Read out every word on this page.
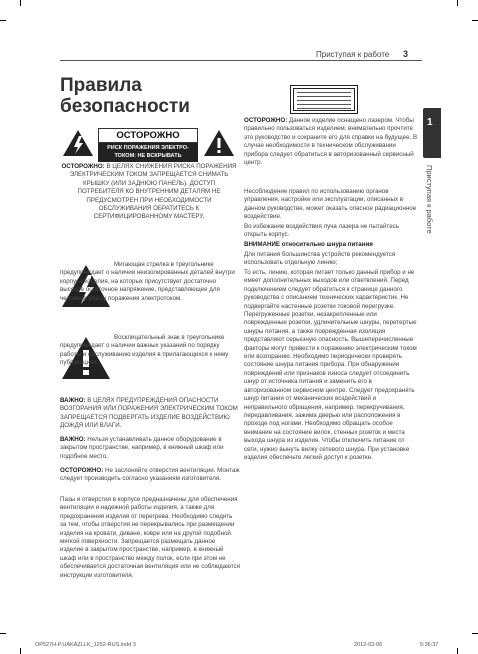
Приступая к работе 3
1
Приступая к работе
Правила безопасности
ОСТОРОЖНО
РИСК ПОРАЖЕНИЯ ЭЛЕКТРО-
ТОКОМ: НЕ ВСКРЫВАТЬ
ОСТОРОЖНО: В ЦЕЛЯХ СНИЖЕНИЯ РИСКА ПОРАЖЕНИЯ ЭЛЕКТРИЧЕСКИМ ТОКОМ ЗАПРЕЩАЕТСЯ СНИМАТЬ КРЫШКУ (ИЛИ ЗАДНЮЮ ПАНЕЛЬ). ДОСТУП ПОТРЕБИТЕЛЯ КО ВНУТРЕННИМ ДЕТАЛЯМ НЕ ПРЕДУСМОТРЕН ПРИ НЕОБХОДИМОСТИ ОБСЛУЖИВАНИЯ ОБРАТИТЕСЬ К СЕРТИФИЦИРОВАННОМУ МАСТЕРУ.
Мигающая стрелка в треугольнике предупреждает о наличии неизолированных деталей внутри корпуса изделия, на которых присутствует достаточно высокое остаточное напряжение, представляющее для человека угрозу поражения электротоком.
Восклицательный знак в треугольнике предупреждает о наличии важных указаний по порядку работы и обслуживанию изделия в прилагающихся к нему публикациях.
ВАЖНО: В ЦЕЛЯХ ПРЕДУПРЕЖДЕНИЯ ОПАСНОСТИ ВОЗГОРАНИЯ ИЛИ ПОРАЖЕНИЯ ЭЛЕКТРИЧЕСКИМ ТОКОМ ЗАПРЕЩАЕТСЯ ПОДВЕРГАТЬ ИЗДЕЛИЕ ВОЗДЕЙСТВИЮ ДОЖДЯ ИЛИ ВЛАГИ.
ВАЖНО: Нельзя устанавливать данное оборудование в закрытом пространстве, например, в книжный шкаф или подобное место.
ОСТОРОЖНО: Не заслоняйте отверстия вентиляции. Монтаж следует производить согласно указаниям изготовителя.
Пазы и отверстия в корпусе предназначены для обеспечения вентиляции и надежной работы изделия, а также для предохранения изделия от перегрева. Необходимо следить за тем, чтобы отверстия не перекрывались при размещении изделия на кровати, диване, ковре или на другой подобной мягкой поверхности. Запрещается размещать данное изделие в закрытом пространстве, например, в книжный шкаф или в пространство между полок, если при этом не обеспечивается достаточная вентиляция или не соблюдаются инструкции изготовителя.
ОСТОРОЖНО: Данное изделие оснащено лазером. Чтобы правильно пользоваться изделием, внимательно прочтите это руководство и сохраните его для справки на будущее. В случае необходимости в техническом обслуживании прибора следует обратиться в авторизованный сервисный центр.
Несоблюдение правил по использованию органов управления, настройке или эксплуатации, описанных в данном руководстве, может оказать опасное радиационное воздействие.
Во избежание воздействия луча лазера не пытайтесь открыть корпус.
ВНИМАНИЕ относительно шнура питания
Для питания большинства устройств рекомендуется использовать отдельную линию;
То есть, линию, которая питает только данный прибор и не имеет дополнительных выходов или ответвлений. Перед подключением следует обратиться к странице данного руководства с описанием технических характеристик. Не подвергайте настенные розетки токовой перегрузке. Перегруженные розетки, незакрепленные или поврежденные розетки, удлинительные шнуры, перетертые шнуры питания, а также поврежденная изоляция представляют серьезную опасность. Вышеперечисленные факторы могут привести к поражению электрическим током или возгоранию. Необходимо периодически проверять состояние шнура питания прибора. При обнаружении повреждений или признаков износа следует отсоединить шнур от источника питания и заменить его в авторизованном сервисном центре. Следует предохранять шнур питания от механических воздействий и неправильного обращения, например, перекручивания, передавливания, зажима дверью или расположения в проходе под ногами. Необходимо обращать особое внимание на состояние вилок, стенных розеток и места выхода шнура из изделия. Чтобы отключить питание от сети, нужно вынуть вилку сетевого шнура. При установке изделия обеспечьте легкий доступ к розетке.
OP527H-P.UAKAZLLK_1252-RUS.indd 3	2012-03-06	5:36:37
